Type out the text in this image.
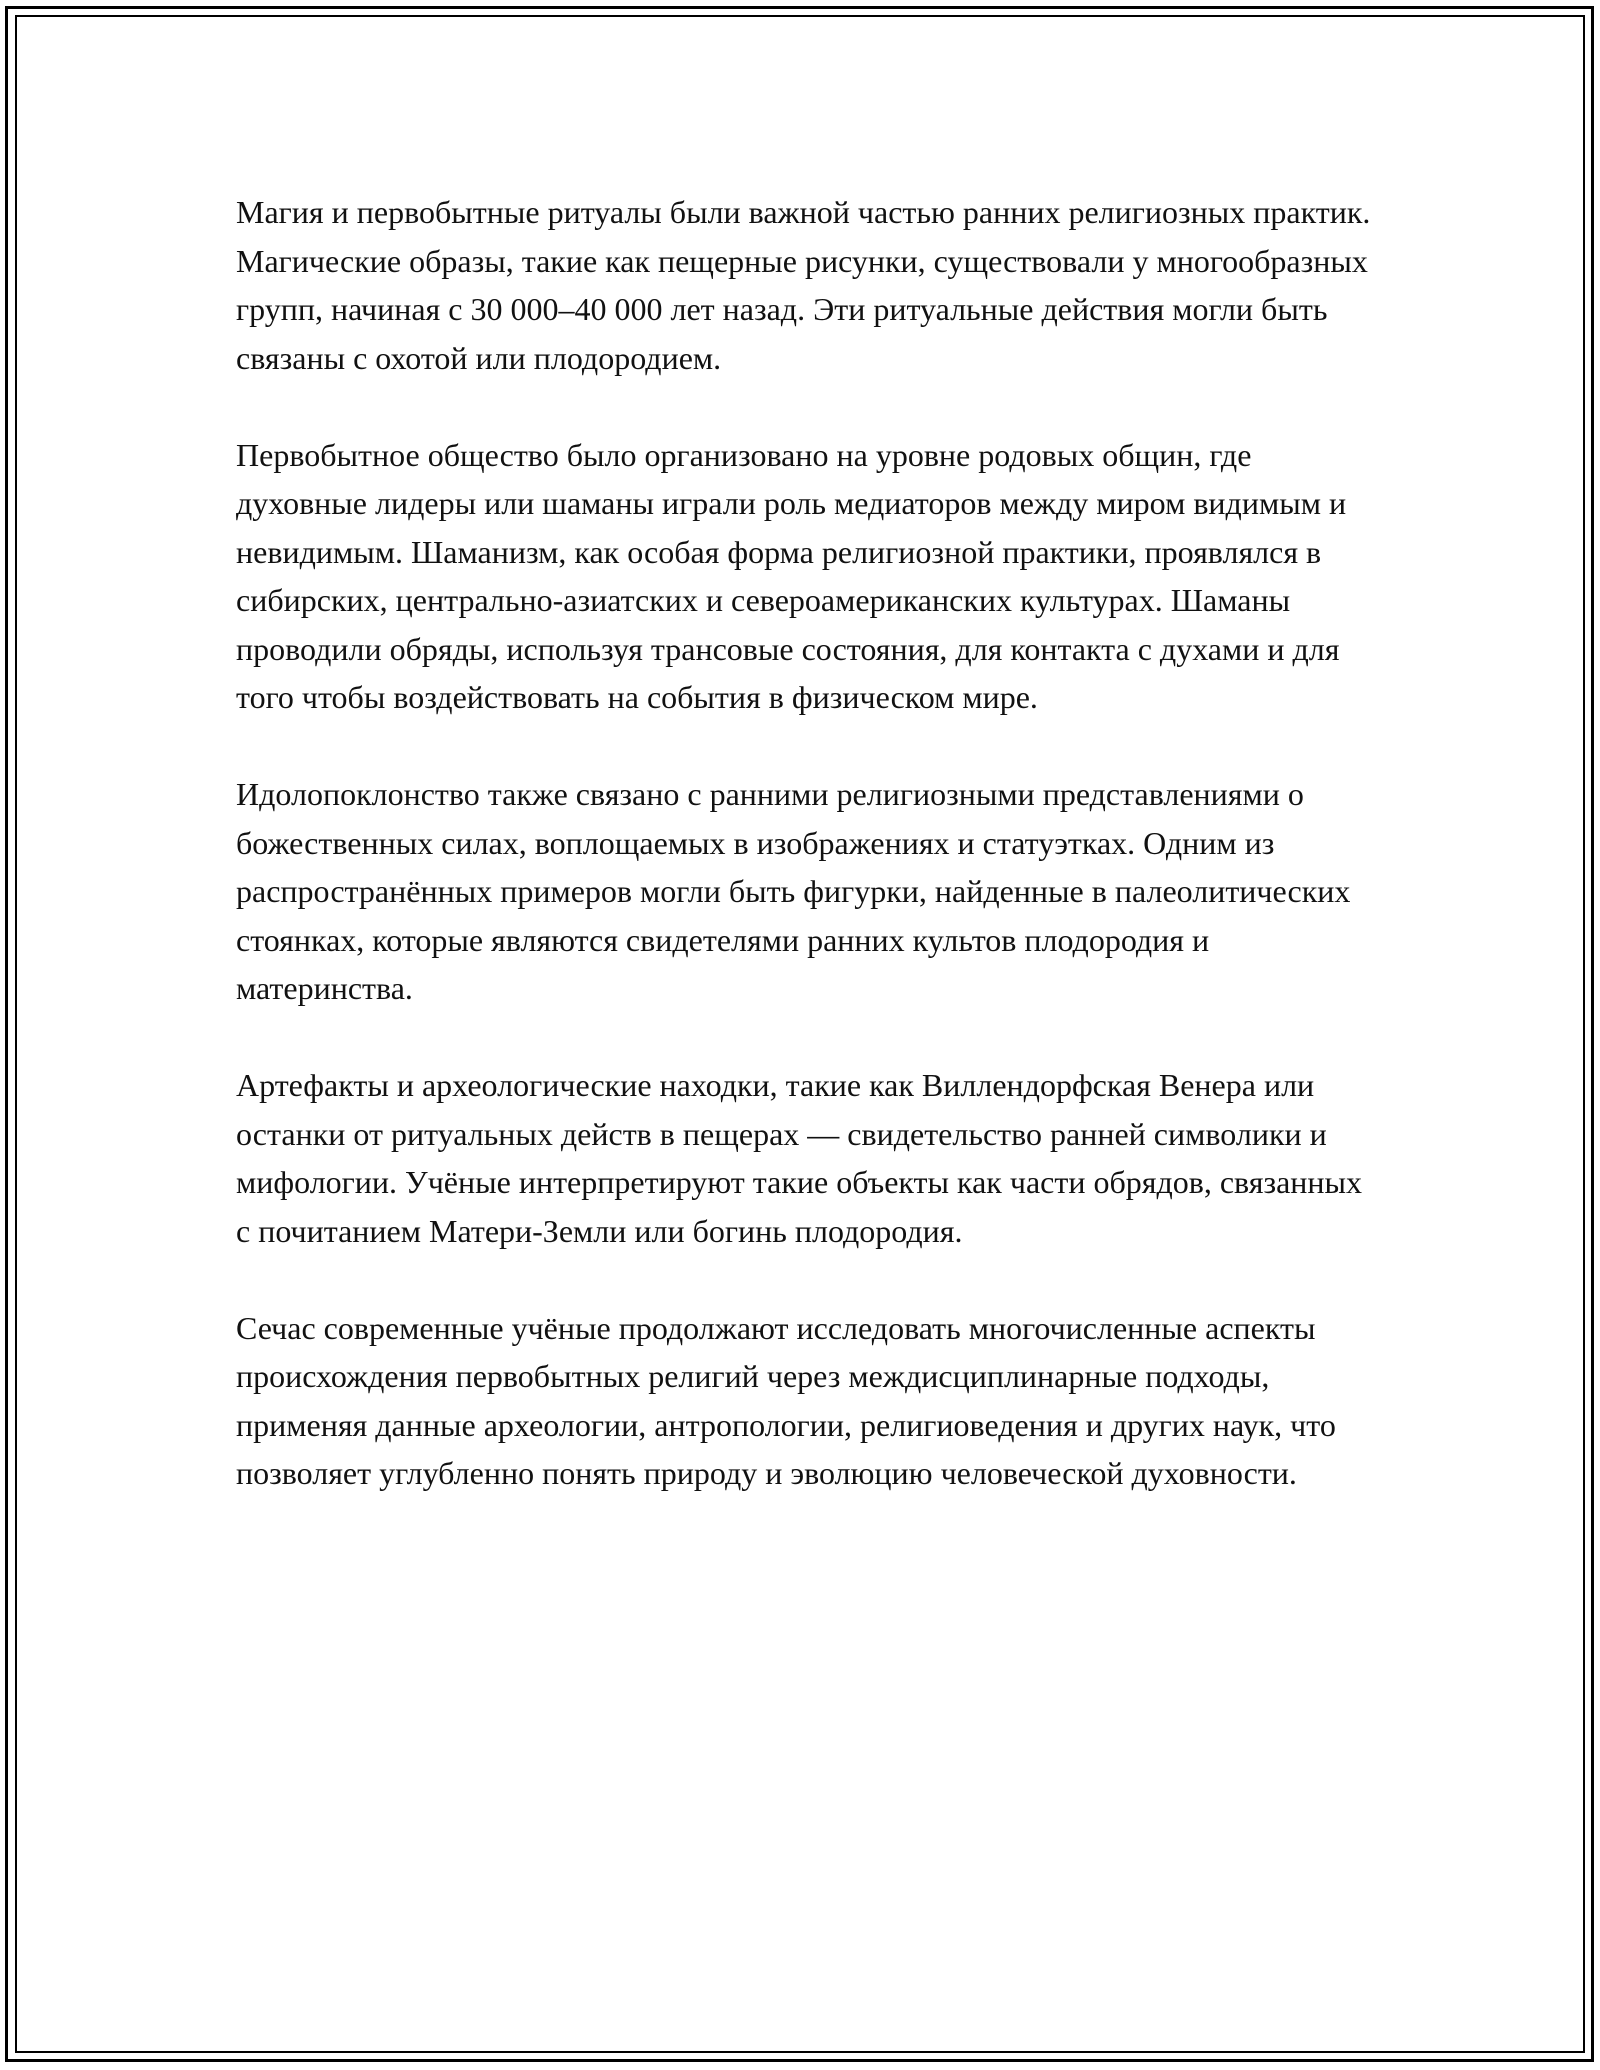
Магия и первобытные ритуалы были важной частью ранних религиозных практик. Магические образы, такие как пещерные рисунки, существовали у многообразных групп, начиная с 30 000–40 000 лет назад. Эти ритуальные действия могли быть связаны с охотой или плодородием.

Первобытное общество было организовано на уровне родовых общин, где духовные лидеры или шаманы играли роль медиаторов между миром видимым и невидимым. Шаманизм, как особая форма религиозной практики, проявлялся в сибирских, центрально-азиатских и североамериканских культурах. Шаманы проводили обряды, используя трансовые состояния, для контакта с духами и для того чтобы воздействовать на события в физическом мире.

Идолопоклонство также связано с ранними религиозными представлениями о божественных силах, воплощаемых в изображениях и статуэтках. Одним из распространённых примеров могли быть фигурки, найденные в палеолитических стоянках, которые являются свидетелями ранних культов плодородия и материнства.

Артефакты и археологические находки, такие как Виллендорфская Венера или останки от ритуальных действ в пещерах — свидетельство ранней символики и мифологии. Учёные интерпретируют такие объекты как части обрядов, связанных с почитанием Матери-Земли или богинь плодородия.

Сечас современные учёные продолжают исследовать многочисленные аспекты происхождения первобытных религий через междисциплинарные подходы, применяя данные археологии, антропологии, религиоведения и других наук, что позволяет углубленно понять природу и эволюцию человеческой духовности.
